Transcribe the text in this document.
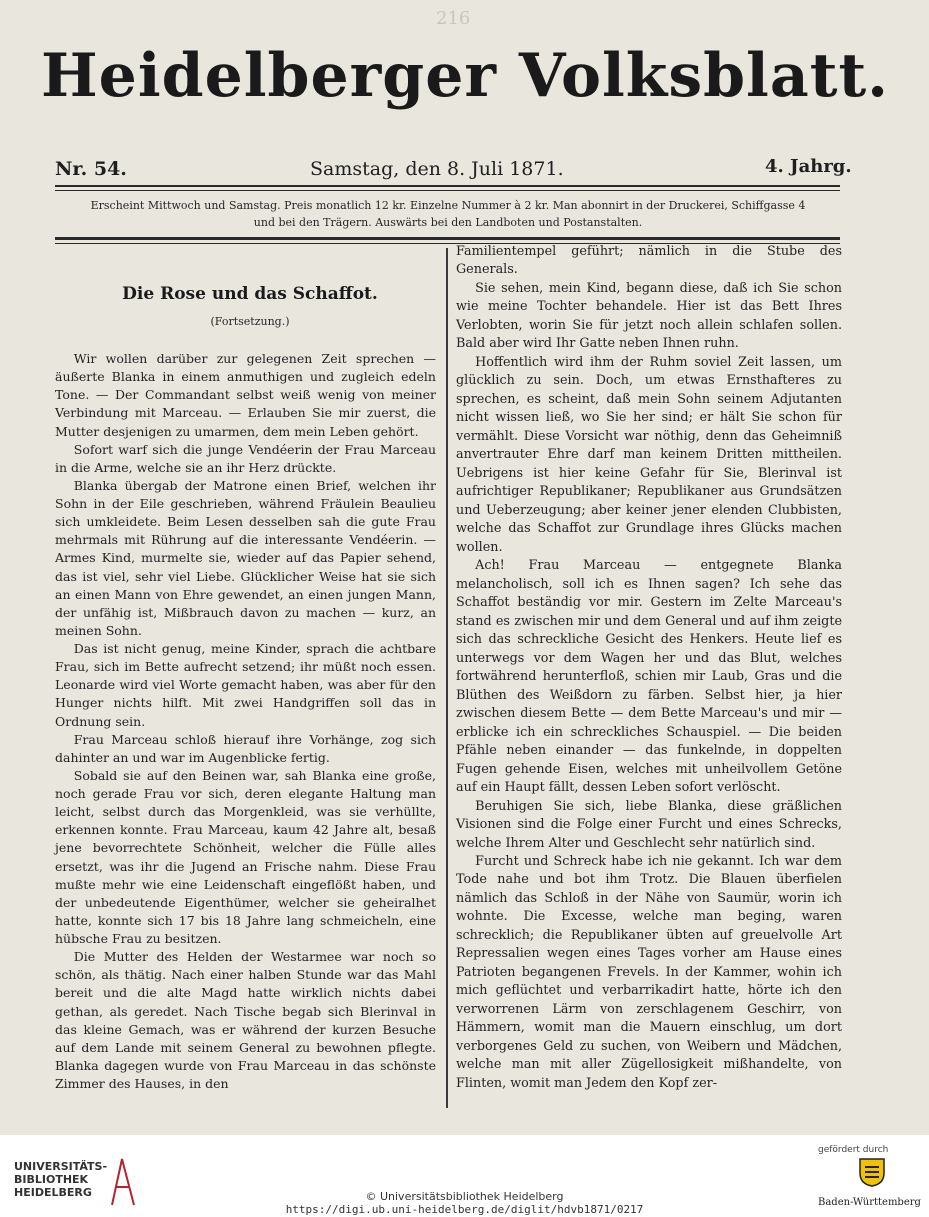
216
Heidelberger Volksblatt.
Nr. 54.	Samstag, den 8. Juli 1871.	4. Jahrg.
Erscheint Mittwoch und Samstag. Preis monatlich 12 kr. Einzelne Nummer à 2 kr. Man abonnirt in der Druckerei, Schiffgasse 4
und bei den Trägern. Auswärts bei den Landboten und Postanstalten.
Die Rose und das Schaffot.
(Fortsetzung.)

Wir wollen darüber zur gelegenen Zeit sprechen — äußerte Blanka in einem anmuthigen und zugleich edeln Tone. — Der Commandant selbst weiß wenig von meiner Verbindung mit Marceau. — Erlauben Sie mir zuerst, die Mutter desjenigen zu umarmen, dem mein Leben gehört.

Sofort warf sich die junge Vendéerin der Frau Marceau in die Arme, welche sie an ihr Herz drückte.

Blanka übergab der Matrone einen Brief, welchen ihr Sohn in der Eile geschrieben, während Fräulein Beaulieu sich umkleidete. Beim Lesen desselben sah die gute Frau mehrmals mit Rührung auf die interessante Vendéerin. — Armes Kind, murmelte sie, wieder auf das Papier sehend, das ist viel, sehr viel Liebe. Glücklicher Weise hat sie sich an einen Mann von Ehre gewendet, an einen jungen Mann, der unfähig ist, Mißbrauch davon zu machen — kurz, an meinen Sohn.

Das ist nicht genug, meine Kinder, sprach die achtbare Frau, sich im Bette aufrecht setzend; ihr müßt noch essen. Leonarde wird viel Worte gemacht haben, was aber für den Hunger nichts hilft. Mit zwei Handgriffen soll das in Ordnung sein.

Frau Marceau schloß hierauf ihre Vorhänge, zog sich dahinter an und war im Augenblicke fertig.

Sobald sie auf den Beinen war, sah Blanka eine große, noch gerade Frau vor sich, deren elegante Haltung man leicht, selbst durch das Morgenkleid, was sie verhüllte, erkennen konnte. Frau Marceau, kaum 42 Jahre alt, besaß jene bevorrechtete Schönheit, welcher die Fülle alles ersetzt, was ihr die Jugend an Frische nahm. Diese Frau mußte mehr wie eine Leidenschaft eingeflößt haben, und der unbedeutende Eigenthümer, welcher sie geheiralhet hatte, konnte sich 17 bis 18 Jahre lang schmeicheln, eine hübsche Frau zu besitzen.

Die Mutter des Helden der Westarmee war noch so schön, als thätig. Nach einer halben Stunde war das Mahl bereit und die alte Magd hatte wirklich nichts dabei gethan, als geredet. Nach Tische begab sich Blerinval in das kleine Gemach, was er während der kurzen Besuche auf dem Lande mit seinem General zu bewohnen pflegte. Blanka dagegen wurde von Frau Marceau in das schönste Zimmer des Hauses, in den

Familientempel geführt; nämlich in die Stube des Generals.

Sie sehen, mein Kind, begann diese, daß ich Sie schon wie meine Tochter behandele. Hier ist das Bett Ihres Verlobten, worin Sie für jetzt noch allein schlafen sollen. Bald aber wird Ihr Gatte neben Ihnen ruhn.

Hoffentlich wird ihm der Ruhm soviel Zeit lassen, um glücklich zu sein. Doch, um etwas Ernsthafteres zu sprechen, es scheint, daß mein Sohn seinem Adjutanten nicht wissen ließ, wo Sie her sind; er hält Sie schon für vermählt. Diese Vorsicht war nöthig, denn das Geheimniß anvertrauter Ehre darf man keinem Dritten mittheilen. Uebrigens ist hier keine Gefahr für Sie, Blerinval ist aufrichtiger Republikaner; Republikaner aus Grundsätzen und Ueberzeugung; aber keiner jener elenden Clubbisten, welche das Schaffot zur Grundlage ihres Glücks machen wollen.

Ach! Frau Marceau — entgegnete Blanka melancholisch, soll ich es Ihnen sagen? Ich sehe das Schaffot beständig vor mir. Gestern im Zelte Marceau's stand es zwischen mir und dem General und auf ihm zeigte sich das schreckliche Gesicht des Henkers. Heute lief es unterwegs vor dem Wagen her und das Blut, welches fortwährend herunterfloß, schien mir Laub, Gras und die Blüthen des Weißdorn zu färben. Selbst hier, ja hier zwischen diesem Bette — dem Bette Marceau's und mir — erblicke ich ein schreckliches Schauspiel. — Die beiden Pfähle neben einander — das funkelnde, in doppelten Fugen gehende Eisen, welches mit unheilvollem Getöne auf ein Haupt fällt, dessen Leben sofort verlöscht.

Beruhigen Sie sich, liebe Blanka, diese gräßlichen Visionen sind die Folge einer Furcht und eines Schrecks, welche Ihrem Alter und Geschlecht sehr natürlich sind.

Furcht und Schreck habe ich nie gekannt. Ich war dem Tode nahe und bot ihm Trotz. Die Blauen überfielen nämlich das Schloß in der Nähe von Saumür, worin ich wohnte. Die Excesse, welche man beging, waren schrecklich; die Republikaner übten auf greuelvolle Art Repressalien wegen eines Tages vorher am Hause eines Patrioten begangenen Frevels. In der Kammer, wohin ich mich geflüchtet und verbarrikadirt hatte, hörte ich den verworrenen Lärm von zerschlagenem Geschirr, von Hämmern, womit man die Mauern einschlug, um dort verborgenes Geld zu suchen, von Weibern und Mädchen, welche man mit aller Zügellosigkeit mißhandelte, von Flinten, womit man Jedem den Kopf zer-

UNIVERSITÄTS-
BIBLIOTHEK
HEIDELBERG
gefördert durch
Baden-Württemberg
© Universitätsbibliothek Heidelberg
https://digi.ub.uni-heidelberg.de/diglit/hdvb1871/0217
